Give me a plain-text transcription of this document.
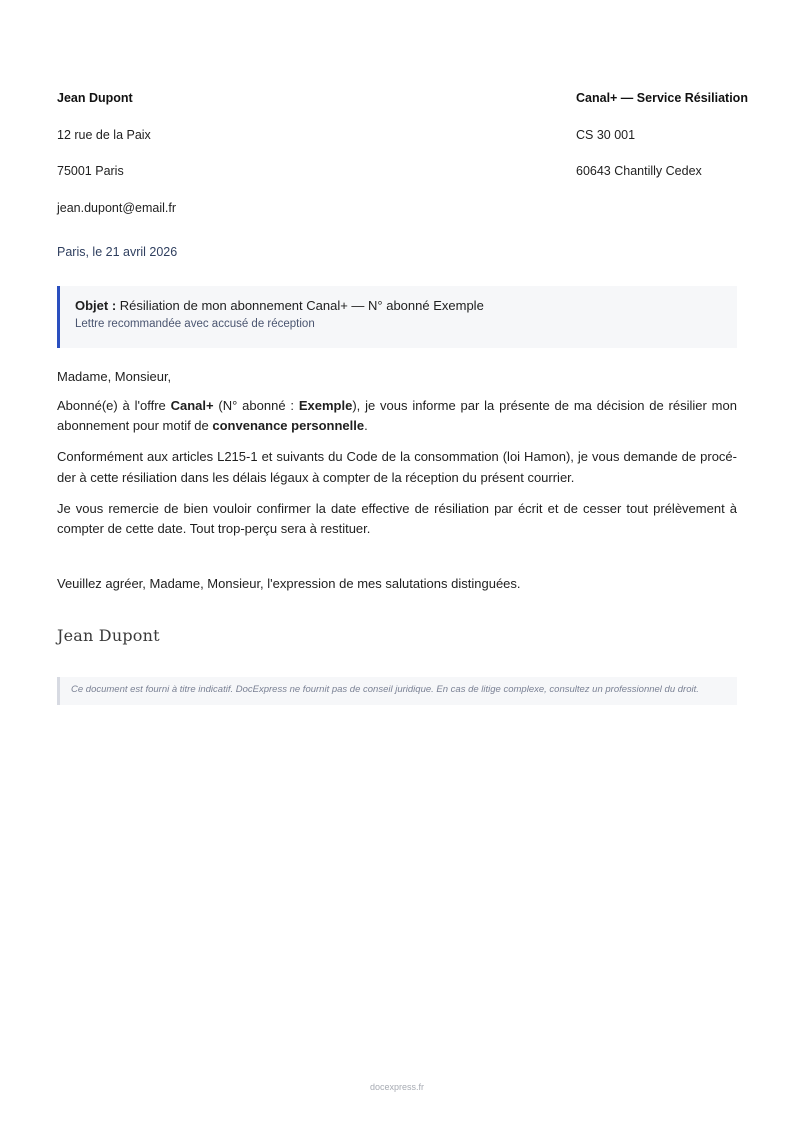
Jean Dupont
12 rue de la Paix
75001 Paris
jean.dupont@email.fr
Canal+ — Service Résiliation
CS 30 001
60643 Chantilly Cedex
Paris, le 21 avril 2026
Objet : Résiliation de mon abonnement Canal+ — N° abonné Exemple
Lettre recommandée avec accusé de réception

Madame, Monsieur,

Abonné(e) à l'offre Canal+ (N° abonné : Exemple), je vous informe par la présente de ma décision de résilier mon abonnement pour motif de convenance personnelle.

Conformément aux articles L215-1 et suivants du Code de la consommation (loi Hamon), je vous demande de procéder à cette résiliation dans les délais légaux à compter de la réception du présent courrier.

Je vous remercie de bien vouloir confirmer la date effective de résiliation par écrit et de cesser tout prélèvement à compter de cette date. Tout trop-perçu sera à restituer.

Veuillez agréer, Madame, Monsieur, l'expression de mes salutations distinguées.
Jean Dupont
Ce document est fourni à titre indicatif. DocExpress ne fournit pas de conseil juridique. En cas de litige complexe, consultez un professionnel du droit.
docexpress.fr
